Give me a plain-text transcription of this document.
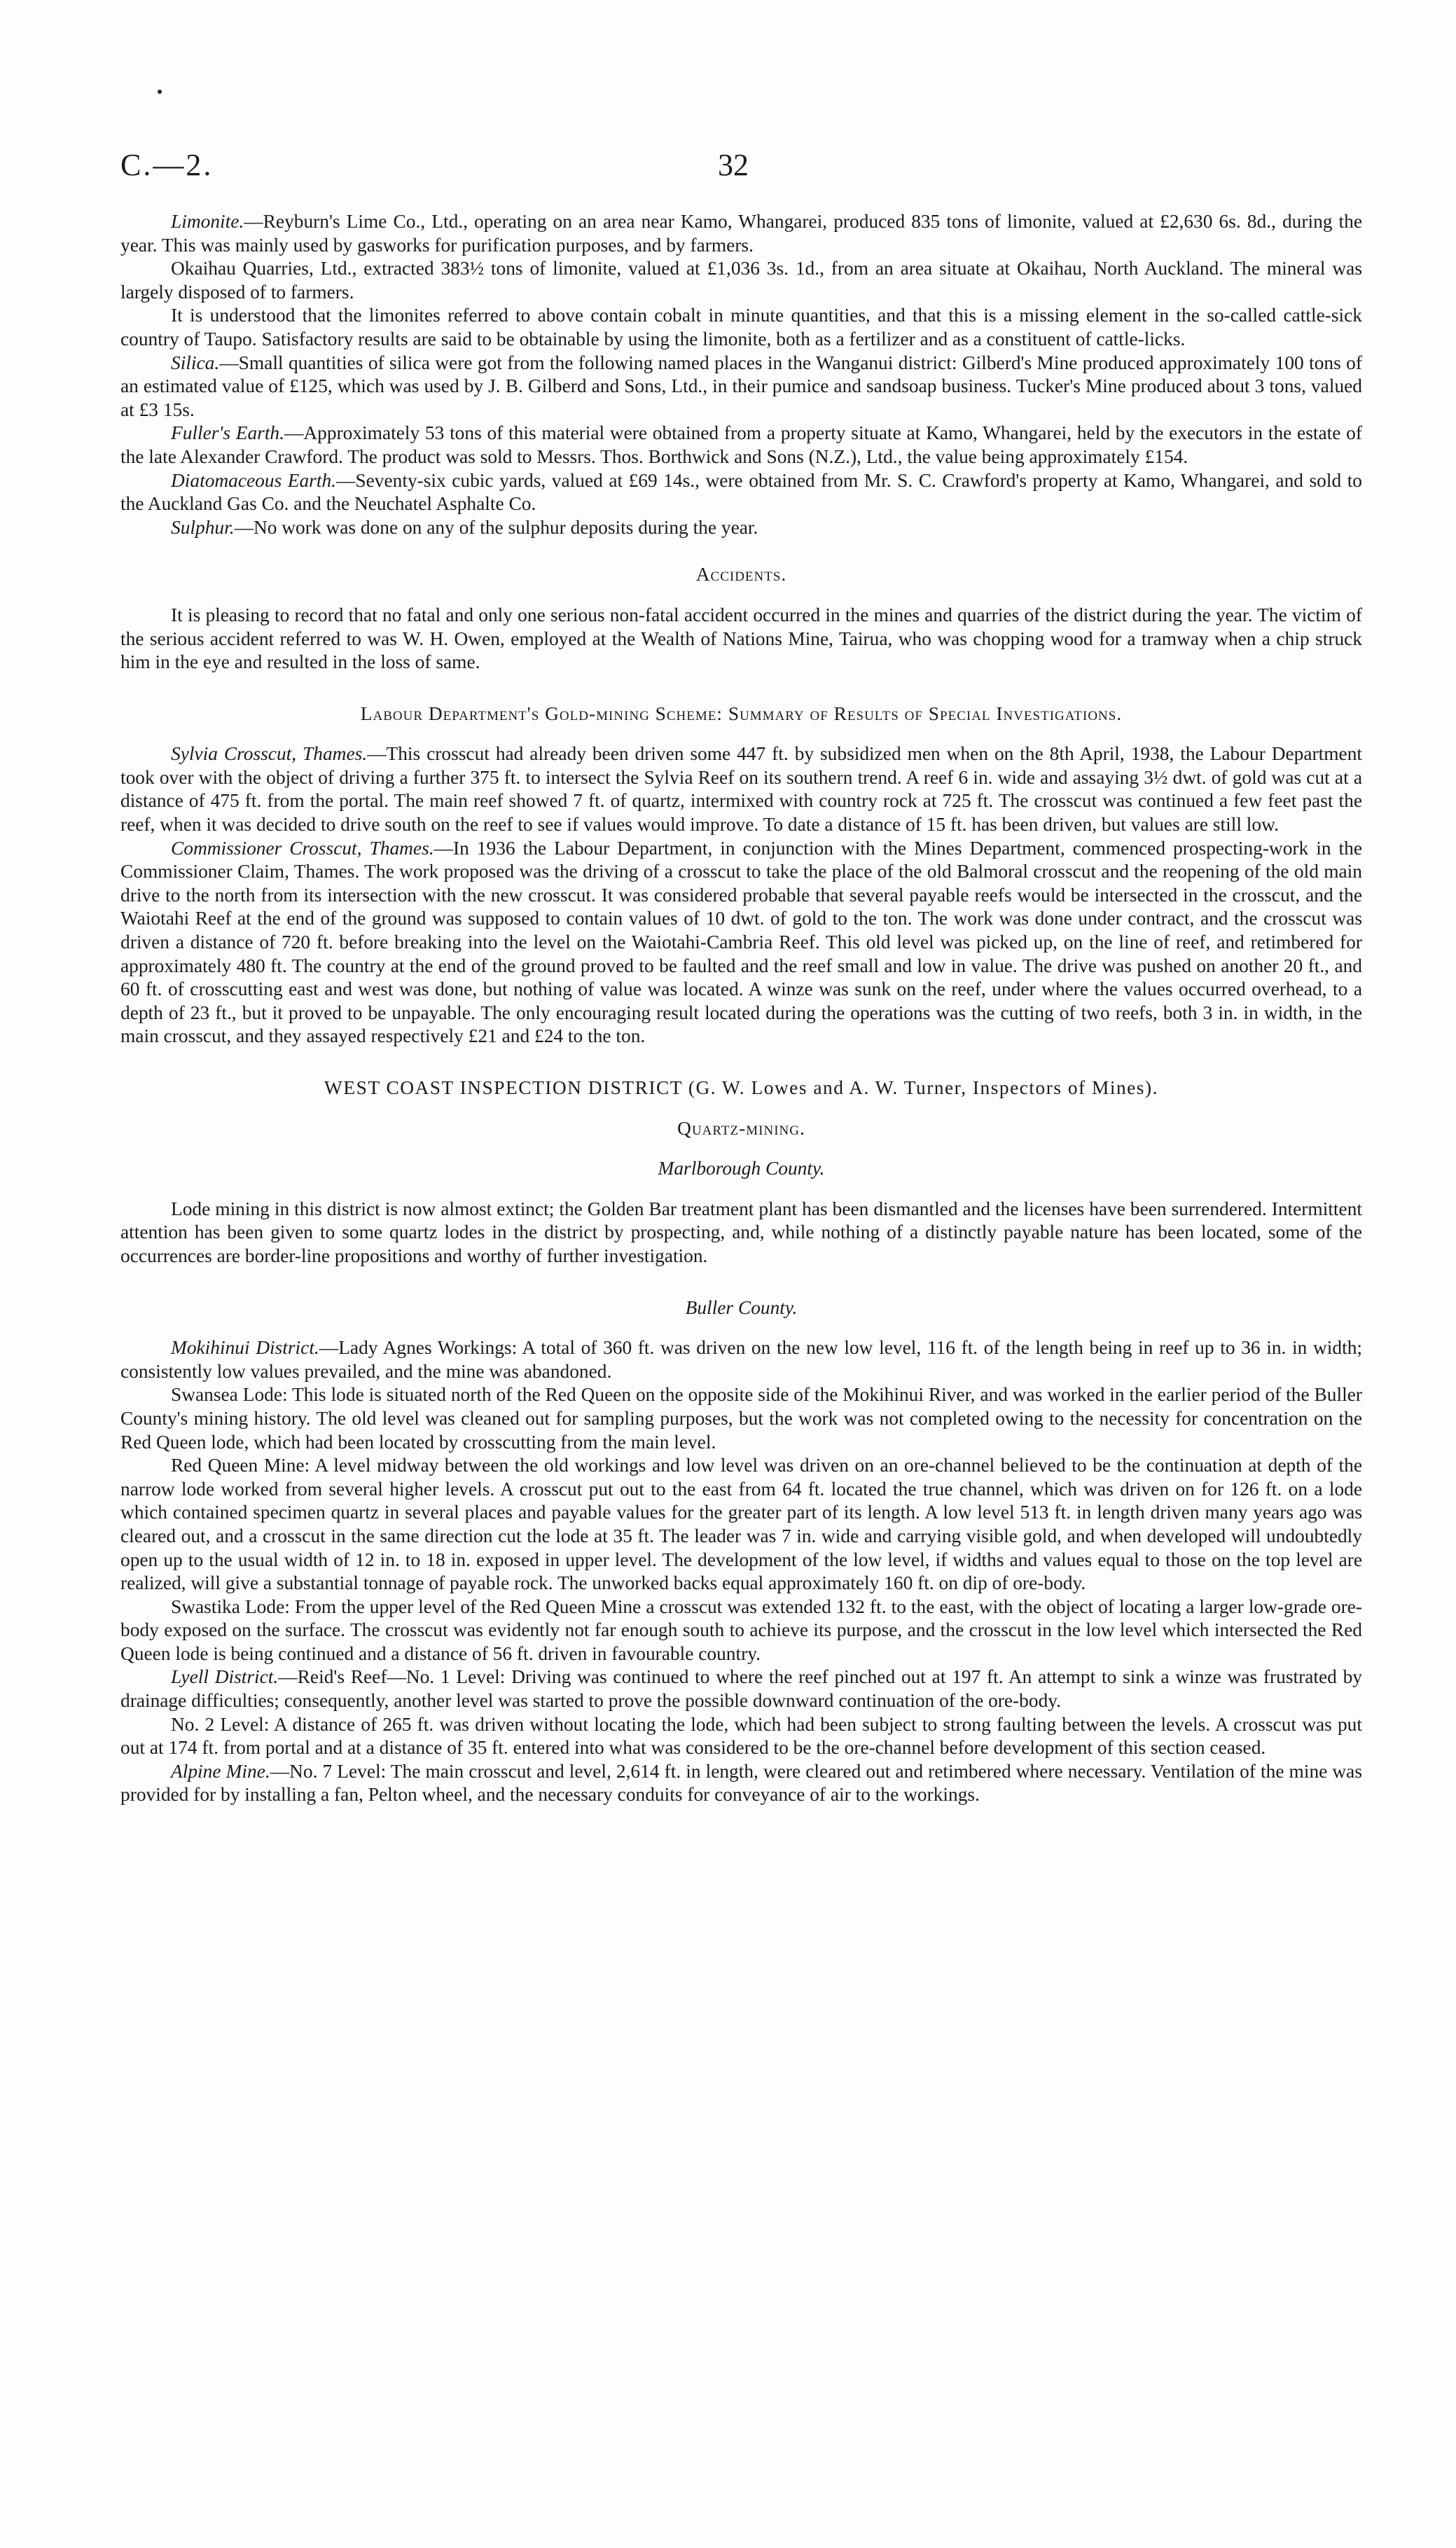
C.—2.	32

Limonite.—Reyburn's Lime Co., Ltd., operating on an area near Kamo, Whangarei, produced 835 tons of limonite, valued at £2,630 6s. 8d., during the year. This was mainly used by gasworks for purification purposes, and by farmers.

Okaihau Quarries, Ltd., extracted 383½ tons of limonite, valued at £1,036 3s. 1d., from an area situate at Okaihau, North Auckland. The mineral was largely disposed of to farmers.

It is understood that the limonites referred to above contain cobalt in minute quantities, and that this is a missing element in the so-called cattle-sick country of Taupo. Satisfactory results are said to be obtainable by using the limonite, both as a fertilizer and as a constituent of cattle-licks.

Silica.—Small quantities of silica were got from the following named places in the Wanganui district: Gilberd's Mine produced approximately 100 tons of an estimated value of £125, which was used by J. B. Gilberd and Sons, Ltd., in their pumice and sandsoap business. Tucker's Mine produced about 3 tons, valued at £3 15s.

Fuller's Earth.—Approximately 53 tons of this material were obtained from a property situate at Kamo, Whangarei, held by the executors in the estate of the late Alexander Crawford. The product was sold to Messrs. Thos. Borthwick and Sons (N.Z.), Ltd., the value being approximately £154.

Diatomaceous Earth.—Seventy-six cubic yards, valued at £69 14s., were obtained from Mr. S. C. Crawford's property at Kamo, Whangarei, and sold to the Auckland Gas Co. and the Neuchatel Asphalte Co.

Sulphur.—No work was done on any of the sulphur deposits during the year.

Accidents.

It is pleasing to record that no fatal and only one serious non-fatal accident occurred in the mines and quarries of the district during the year. The victim of the serious accident referred to was W. H. Owen, employed at the Wealth of Nations Mine, Tairua, who was chopping wood for a tramway when a chip struck him in the eye and resulted in the loss of same.

Labour Department's Gold-mining Scheme: Summary of Results of Special Investigations.

Sylvia Crosscut, Thames.—This crosscut had already been driven some 447 ft. by subsidized men when on the 8th April, 1938, the Labour Department took over with the object of driving a further 375 ft. to intersect the Sylvia Reef on its southern trend. A reef 6 in. wide and assaying 3½ dwt. of gold was cut at a distance of 475 ft. from the portal. The main reef showed 7 ft. of quartz, intermixed with country rock at 725 ft. The crosscut was continued a few feet past the reef, when it was decided to drive south on the reef to see if values would improve. To date a distance of 15 ft. has been driven, but values are still low.

Commissioner Crosscut, Thames.—In 1936 the Labour Department, in conjunction with the Mines Department, commenced prospecting-work in the Commissioner Claim, Thames. The work proposed was the driving of a crosscut to take the place of the old Balmoral crosscut and the reopening of the old main drive to the north from its intersection with the new crosscut. It was considered probable that several payable reefs would be intersected in the crosscut, and the Waiotahi Reef at the end of the ground was supposed to contain values of 10 dwt. of gold to the ton. The work was done under contract, and the crosscut was driven a distance of 720 ft. before breaking into the level on the Waiotahi-Cambria Reef. This old level was picked up, on the line of reef, and retimbered for approximately 480 ft. The country at the end of the ground proved to be faulted and the reef small and low in value. The drive was pushed on another 20 ft., and 60 ft. of crosscutting east and west was done, but nothing of value was located. A winze was sunk on the reef, under where the values occurred overhead, to a depth of 23 ft., but it proved to be unpayable. The only encouraging result located during the operations was the cutting of two reefs, both 3 in. in width, in the main crosscut, and they assayed respectively £21 and £24 to the ton.

WEST COAST INSPECTION DISTRICT (G. W. Lowes and A. W. Turner, Inspectors of Mines).

Quartz-mining.

Marlborough County.

Lode mining in this district is now almost extinct; the Golden Bar treatment plant has been dismantled and the licenses have been surrendered. Intermittent attention has been given to some quartz lodes in the district by prospecting, and, while nothing of a distinctly payable nature has been located, some of the occurrences are border-line propositions and worthy of further investigation.

Buller County.

Mokihinui District.—Lady Agnes Workings: A total of 360 ft. was driven on the new low level, 116 ft. of the length being in reef up to 36 in. in width; consistently low values prevailed, and the mine was abandoned.

Swansea Lode: This lode is situated north of the Red Queen on the opposite side of the Mokihinui River, and was worked in the earlier period of the Buller County's mining history. The old level was cleaned out for sampling purposes, but the work was not completed owing to the necessity for concentration on the Red Queen lode, which had been located by crosscutting from the main level.

Red Queen Mine: A level midway between the old workings and low level was driven on an ore-channel believed to be the continuation at depth of the narrow lode worked from several higher levels. A crosscut put out to the east from 64 ft. located the true channel, which was driven on for 126 ft. on a lode which contained specimen quartz in several places and payable values for the greater part of its length. A low level 513 ft. in length driven many years ago was cleared out, and a crosscut in the same direction cut the lode at 35 ft. The leader was 7 in. wide and carrying visible gold, and when developed will undoubtedly open up to the usual width of 12 in. to 18 in. exposed in upper level. The development of the low level, if widths and values equal to those on the top level are realized, will give a substantial tonnage of payable rock. The unworked backs equal approximately 160 ft. on dip of ore-body.

Swastika Lode: From the upper level of the Red Queen Mine a crosscut was extended 132 ft. to the east, with the object of locating a larger low-grade ore-body exposed on the surface. The crosscut was evidently not far enough south to achieve its purpose, and the crosscut in the low level which intersected the Red Queen lode is being continued and a distance of 56 ft. driven in favourable country.

Lyell District.—Reid's Reef—No. 1 Level: Driving was continued to where the reef pinched out at 197 ft. An attempt to sink a winze was frustrated by drainage difficulties; consequently, another level was started to prove the possible downward continuation of the ore-body.

No. 2 Level: A distance of 265 ft. was driven without locating the lode, which had been subject to strong faulting between the levels. A crosscut was put out at 174 ft. from portal and at a distance of 35 ft. entered into what was considered to be the ore-channel before development of this section ceased.

Alpine Mine.—No. 7 Level: The main crosscut and level, 2,614 ft. in length, were cleared out and retimbered where necessary. Ventilation of the mine was provided for by installing a fan, Pelton wheel, and the necessary conduits for conveyance of air to the workings.
